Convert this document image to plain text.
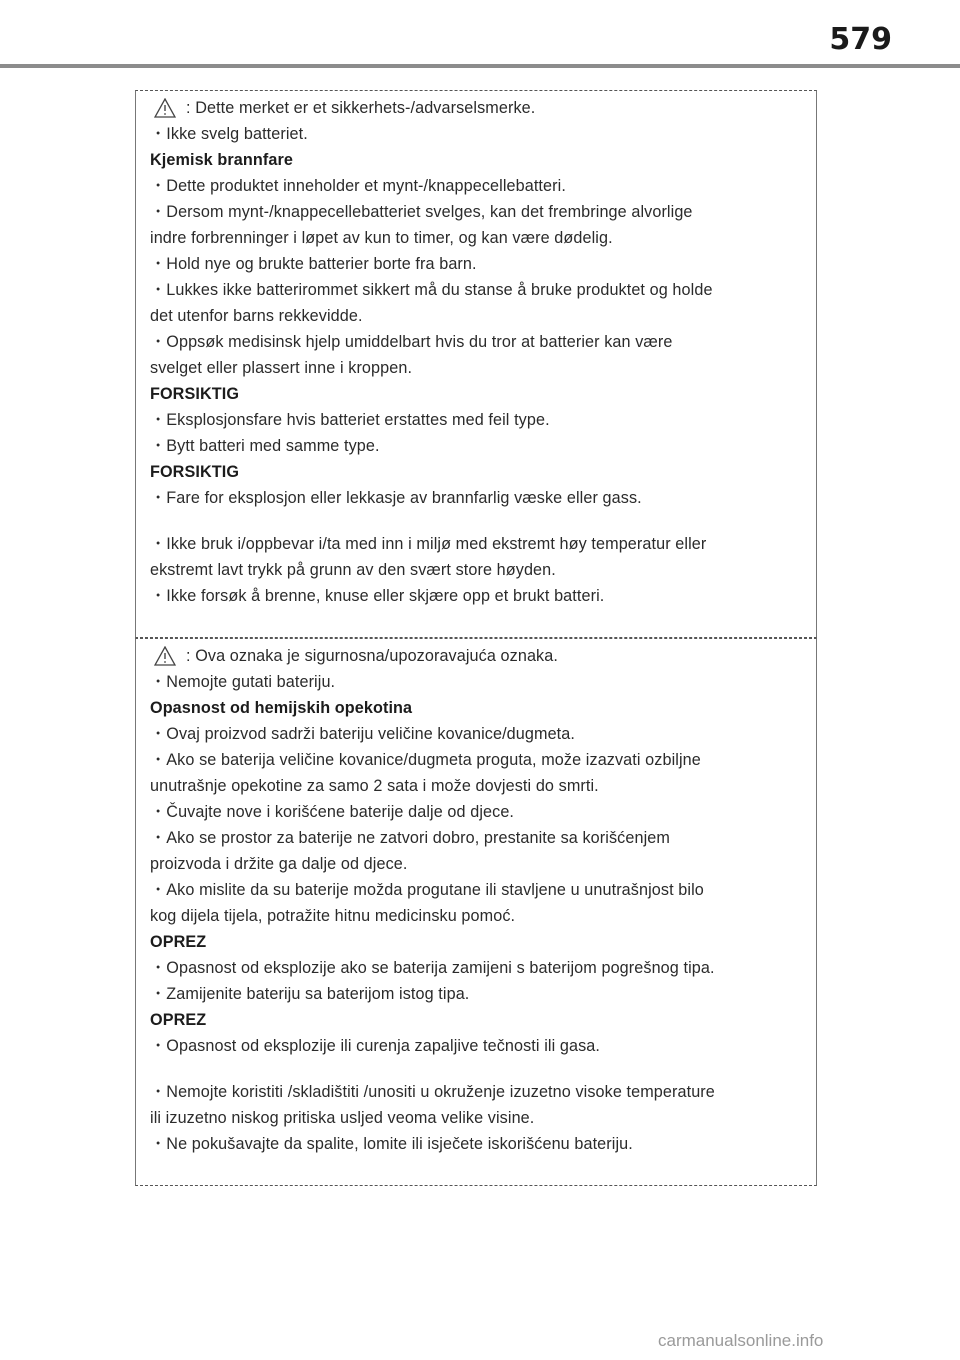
579
: Dette merket er et sikkerhets-/advarselsmerke.
・Ikke svelg batteriet.
Kjemisk brannfare
・Dette produktet inneholder et mynt-/knappecellebatteri.
・Dersom mynt-/knappecellebatteriet svelges, kan det frembringe alvorlige
indre forbrenninger i løpet av kun to timer, og kan være dødelig.
・Hold nye og brukte batterier borte fra barn.
・Lukkes ikke batterirommet sikkert må du stanse å bruke produktet og holde
det utenfor barns rekkevidde.
・Oppsøk medisinsk hjelp umiddelbart hvis du tror at batterier kan være
svelget eller plassert inne i kroppen.
FORSIKTIG
・Eksplosjonsfare hvis batteriet erstattes med feil type.
・Bytt batteri med samme type.
FORSIKTIG
・Fare for eksplosjon eller lekkasje av brannfarlig væske eller gass.
・Ikke bruk i/oppbevar i/ta med inn i miljø med ekstremt høy temperatur eller
ekstremt lavt trykk på grunn av den svært store høyden.
・Ikke forsøk å brenne, knuse eller skjære opp et brukt batteri.
: Ova oznaka je sigurnosna/upozoravajuća oznaka.
・Nemojte gutati bateriju.
Opasnost od hemijskih opekotina
・Ovaj proizvod sadrži bateriju veličine kovanice/dugmeta.
・Ako se baterija veličine kovanice/dugmeta proguta, može izazvati ozbiljne
unutrašnje opekotine za samo 2 sata i može dovjesti do smrti.
・Čuvajte nove i korišćene baterije dalje od djece.
・Ako se prostor za baterije ne zatvori dobro, prestanite sa korišćenjem
proizvoda i držite ga dalje od djece.
・Ako mislite da su baterije možda progutane ili stavljene u unutrašnjost bilo
kog dijela tijela, potražite hitnu medicinsku pomoć.
OPREZ
・Opasnost od eksplozije ako se baterija zamijeni s baterijom pogrešnog tipa.
・Zamijenite bateriju sa baterijom istog tipa.
OPREZ
・Opasnost od eksplozije ili curenja zapaljive tečnosti ili gasa.
・Nemojte koristiti /skladištiti /unositi u okruženje izuzetno visoke temperature
ili izuzetno niskog pritiska usljed veoma velike visine.
・Ne pokušavajte da spalite, lomite ili isječete iskorišćenu bateriju.
carmanualsonline.info
